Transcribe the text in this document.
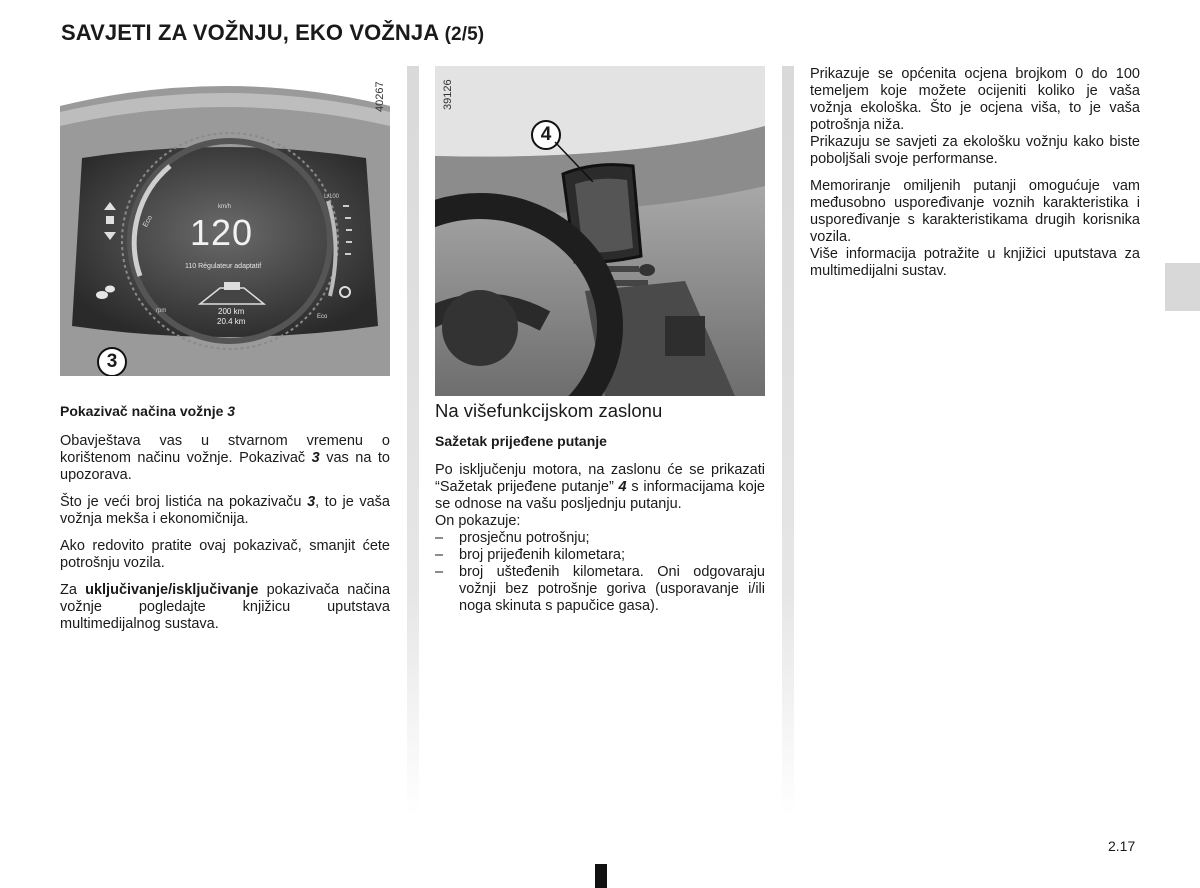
SAVJETI ZA VOŽNJU, EKO VOŽNJA (2/5)
40267
km/h
120
110 Régulateur adaptatif
200 km
20.4 km
Eco
Eco
rpm
L/100
3
39126
4
Pokazivač načina vožnje 3

Obavještava vas u stvarnom vremenu o korištenom načinu vožnje. Pokazivač 3 vas na to upozorava.

Što je veći broj listića na pokazivaču 3, to je vaša vožnja mekša i ekonomičnija.

Ako redovito pratite ovaj pokazivač, smanjit ćete potrošnju vozila.

Za uključivanje/isključivanje pokazivača načina vožnje pogledajte knjižicu uputstava multimedijalnog sustava.

Na višefunkcijskom zaslonu
Sažetak prijeđene putanje

Po isključenju motora, na zaslonu će se prikazati “Sažetak prijeđene putanje” 4 s informacijama koje se odnose na vašu posljednju putanju.

On pokazuje:

–	prosječnu potrošnju;
–	broj prijeđenih kilometara;
–	broj ušteđenih kilometara. Oni odgovaraju vožnji bez potrošnje goriva (usporavanje i/ili noga skinuta s papučice gasa).

Prikazuje se općenita ocjena brojkom 0 do 100 temeljem koje možete ocijeniti koliko je vaša vožnja ekološka. Što je ocjena viša, to je vaša potrošnja niža.

Prikazuju se savjeti za ekološku vožnju kako biste poboljšali svoje performanse.

Memoriranje omiljenih putanji omogućuje vam međusobno uspoređivanje voznih karakteristika i uspoređivanje s karakteristikama drugih korisnika vozila.

Više informacija potražite u knjižici uputstava za multimedijalni sustav.

2.17
